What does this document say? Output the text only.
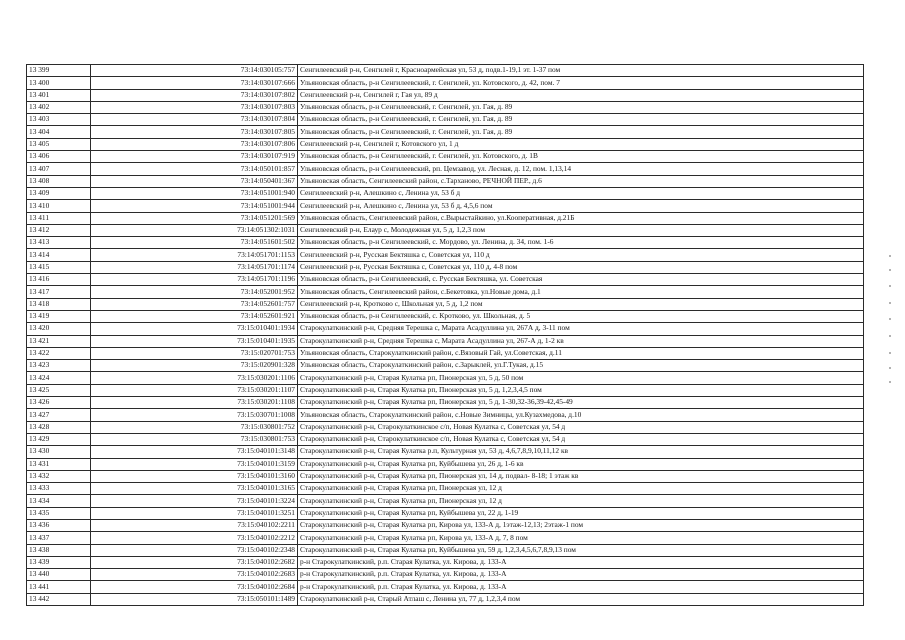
13 399	73:14:030105:757	Сенгилеевский р-н, Сенгилей г, Красноармейская ул, 53 д, подв.1-19,1 эт. 1-37 пом
13 400	73:14:030107:666	Ульяновская область, р-н Сенгилеевский, г. Сенгилей, ул. Котовского, д. 42, пом. 7
13 401	73:14:030107:802	Сенгилеевский р-н, Сенгилей г, Гая ул, 89 д
13 402	73:14:030107:803	Ульяновская область, р-н Сенгилеевский, г. Сенгилей, ул. Гая, д. 89
13 403	73:14:030107:804	Ульяновская область, р-н Сенгилеевский, г. Сенгилей, ул. Гая, д. 89
13 404	73:14:030107:805	Ульяновская область, р-н Сенгилеевский, г. Сенгилей, ул. Гая, д. 89
13 405	73:14:030107:806	Сенгилеевский р-н, Сенгилей г, Котовского ул, 1 д
13 406	73:14:030107:919	Ульяновская область, р-н Сенгилеевский, г. Сенгилей, ул. Котовского, д. 1В
13 407	73:14:050101:857	Ульяновская область, р-н Сенгилеевский, рп. Цемзавод, ул. Лесная, д. 12, пом. 1,13,14
13 408	73:14:050401:367	Ульяновская область, Сенгилеевский район, с.Тарханово, РЕЧНОЙ ПЕР., д.6
13 409	73:14:051001:940	Сенгилеевский р-н, Алешкино с, Ленина ул, 53 б д
13 410	73:14:051001:944	Сенгилеевский р-н, Алешкино с, Ленина ул, 53 б д, 4,5,6 пом
13 411	73:14:051201:569	Ульяновская область, Сенгилеевский район, с.Вырыстайкино, ул.Кооперативная, д.21Б
13 412	73:14:051302:1031	Сенгилеевский р-н, Елаур с, Молодежная ул, 5 д, 1,2,3 пом
13 413	73:14:051601:502	Ульяновская область, р-н Сенгилеевский, с. Мордово, ул. Ленина, д. 34, пом. 1-6
13 414	73:14:051701:1153	Сенгилеевский р-н, Русская Бектяшка с, Советская ул, 110 д
13 415	73:14:051701:1174	Сенгилеевский р-н, Русская Бектяшка с, Советская ул, 110 д, 4-8 пом
13 416	73:14:051701:1196	Ульяновская область, р-н Сенгилеевский, с. Русская Бектяшка, ул. Советская
13 417	73:14:052001:952	Ульяновская область, Сенгилеевский район, с.Бекетовка, ул.Новые дома, д.1
13 418	73:14:052601:757	Сенгилеевский р-н, Кротково с, Школьная ул, 5 д, 1,2 пом
13 419	73:14:052601:921	Ульяновская область, р-н Сенгилеевский, с. Кротково, ул. Школьная, д. 5
13 420	73:15:010401:1934	Старокулаткинский р-н, Средняя Терешка с, Марата Асадуллина ул, 267А д, 3-11 пом
13 421	73:15:010401:1935	Старокулаткинский р-н, Средняя Терешка с, Марата Асадуллина ул, 267-А д, 1-2 кв
13 422	73:15:020701:753	Ульяновская область, Старокулаткинский район, с.Вязовый Гай, ул.Советская, д.11
13 423	73:15:020901:328	Ульяновская область, Старокулаткинский район, с.Зарыклей, ул.Г.Тукая, д.15
13 424	73:15:030201:1106	Старокулаткинский р-н, Старая Кулатка рп, Пионерская ул, 5 д, 50 пом
13 425	73:15:030201:1107	Старокулаткинский р-н, Старая Кулатка рп, Пионерская ул, 5 д, 1,2,3,4,5 пом
13 426	73:15:030201:1108	Старокулаткинский р-н, Старая Кулатка рп, Пионерская ул, 5 д, 1-30,32-36,39-42,45-49
13 427	73:15:030701:1008	Ульяновская область, Старокулаткинский район, с.Новые Зимницы, ул.Кузахмедова, д.10
13 428	73:15:030801:752	Старокулаткинский р-н, Старокулаткинское с/п, Новая Кулатка с, Советская ул, 54 д
13 429	73:15:030801:753	Старокулаткинский р-н, Старокулаткинское с/п, Новая Кулатка с, Советская ул, 54 д
13 430	73:15:040101:3148	Старокулаткинский р-н, Старая Кулатка р.п, Культурная ул, 53 д, 4,6,7,8,9,10,11,12 кв
13 431	73:15:040101:3159	Старокулаткинский р-н, Старая Кулатка рп, Куйбышева ул, 26 д, 1-6 кв
13 432	73:15:040101:3160	Старокулаткинский р-н, Старая Кулатка рп, Пионерская ул, 14 д, подвал- 8-18; 1 этаж кв
13 433	73:15:040101:3165	Старокулаткинский р-н, Старая Кулатка рп, Пионерская ул, 12 д
13 434	73:15:040101:3224	Старокулаткинский р-н, Старая Кулатка рп, Пионерская ул, 12 д
13 435	73:15:040101:3251	Старокулаткинский р-н, Старая Кулатка рп, Куйбышева ул, 22 д, 1-19
13 436	73:15:040102:2211	Старокулаткинский р-н, Старая Кулатка рп, Кирова ул, 133-А д, 1этаж-12,13; 2этаж-1 пом
13 437	73:15:040102:2212	Старокулаткинский р-н, Старая Кулатка рп, Кирова ул, 133-А д, 7, 8 пом
13 438	73:15:040102:2348	Старокулаткинский р-н, Старая Кулатка рп, Куйбышева ул, 59 д, 1,2,3,4,5,6,7,8,9,13 пом
13 439	73:15:040102:2682	р-н Старокулаткинский, р.п. Старая Кулатка, ул. Кирова, д. 133-А
13 440	73:15:040102:2683	р-н Старокулаткинский, р.п. Старая Кулатка, ул. Кирова, д. 133-А
13 441	73:15:040102:2684	р-н Старокулаткинский, р.п. Старая Кулатка, ул. Кирова, д. 133-А
13 442	73:15:050101:1489	Старокулаткинский р-н, Старый Атлаш с, Ленина ул, 77 д, 1,2,3,4 пом
